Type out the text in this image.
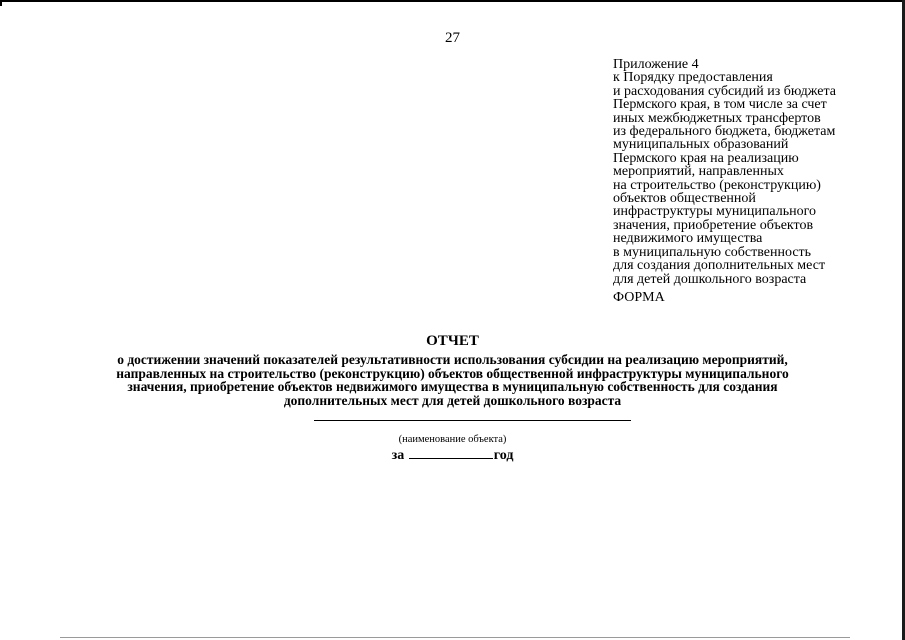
27
Приложение 4
к Порядку предоставления
и расходования субсидий из бюджета
Пермского края, в том числе за счет
иных межбюджетных трансфертов
из федерального бюджета, бюджетам
муниципальных образований
Пермского края на реализацию
мероприятий, направленных
на строительство (реконструкцию)
объектов общественной
инфраструктуры муниципального
значения, приобретение объектов
недвижимого имущества
в муниципальную собственность
для создания дополнительных мест
для детей дошкольного возраста
ФОРМА
ОТЧЕТ
о достижении значений показателей результативности использования субсидии на реализацию мероприятий,
направленных на строительство (реконструкцию) объектов общественной инфраструктуры муниципального
значения, приобретение объектов недвижимого имущества в муниципальную собственность для создания
дополнительных мест для детей дошкольного возраста
(наименование объекта)
за	год
